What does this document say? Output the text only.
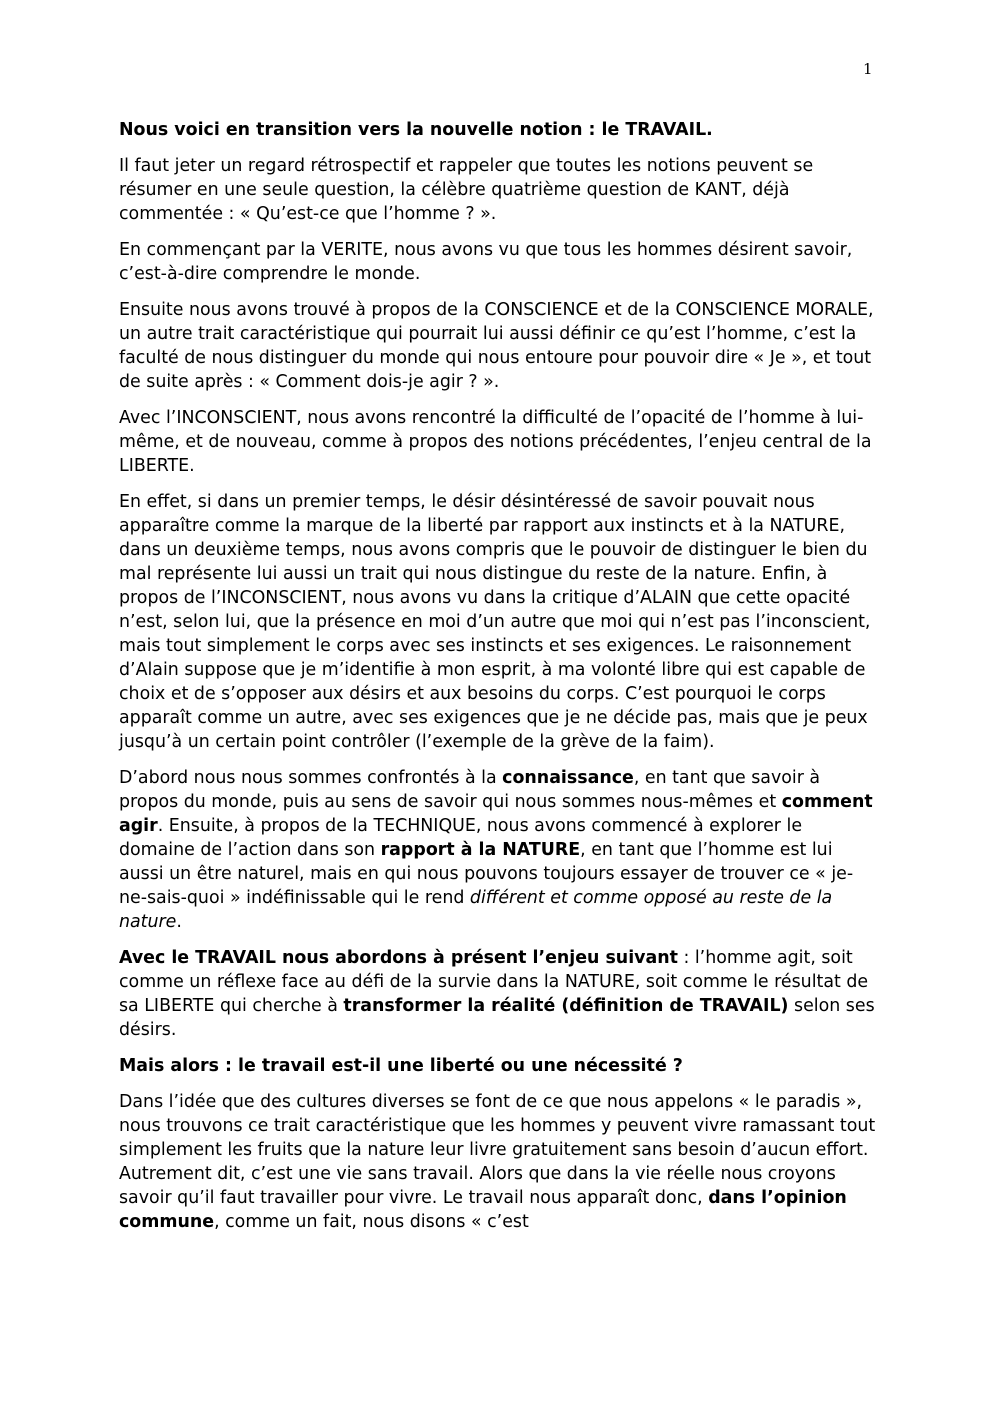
1

Nous voici en transition vers la nouvelle notion : le TRAVAIL.

Il faut jeter un regard rétrospectif et rappeler que toutes les notions peuvent se résumer en une seule question, la célèbre quatrième question de KANT, déjà commentée : « Qu’est-ce que l’homme ? ».

En commençant par la VERITE, nous avons vu que tous les hommes désirent savoir, c’est-à-dire comprendre le monde.

Ensuite nous avons trouvé à propos de la CONSCIENCE et de la CONSCIENCE MORALE, un autre trait caractéristique qui pourrait lui aussi définir ce qu’est l’homme, c’est la faculté de nous distinguer du monde qui nous entoure pour pouvoir dire « Je », et tout de suite après : « Comment dois-je agir ? ».

Avec l’INCONSCIENT, nous avons rencontré la difficulté de l’opacité de l’homme à lui-même, et de nouveau, comme à propos des notions précédentes, l’enjeu central de la LIBERTE.

En effet, si dans un premier temps, le désir désintéressé de savoir pouvait nous apparaître comme la marque de la liberté par rapport aux instincts et à la NATURE, dans un deuxième temps, nous avons compris que le pouvoir de distinguer le bien du mal représente lui aussi un trait qui nous distingue du reste de la nature. Enfin, à propos de l’INCONSCIENT, nous avons vu dans la critique d’ALAIN que cette opacité n’est, selon lui, que la présence en moi d’un autre que moi qui n’est pas l’inconscient, mais tout simplement le corps avec ses instincts et ses exigences. Le raisonnement d’Alain suppose que je m’identifie à mon esprit, à ma volonté libre qui est capable de choix et de s’opposer aux désirs et aux besoins du corps. C’est pourquoi le corps apparaît comme un autre, avec ses exigences que je ne décide pas, mais que je peux jusqu’à un certain point contrôler (l’exemple de la grève de la faim).

D’abord nous nous sommes confrontés à la connaissance, en tant que savoir à propos du monde, puis au sens de savoir qui nous sommes nous-mêmes et comment agir. Ensuite, à propos de la TECHNIQUE, nous avons commencé à explorer le domaine de l’action dans son rapport à la NATURE, en tant que l’homme est lui aussi un être naturel, mais en qui nous pouvons toujours essayer de trouver ce « je-ne-sais-quoi » indéfinissable qui le rend différent et comme opposé au reste de la nature.

Avec le TRAVAIL nous abordons à présent l’enjeu suivant : l’homme agit, soit comme un réflexe face au défi de la survie dans la NATURE, soit comme le résultat de sa LIBERTE qui cherche à transformer la réalité (définition de TRAVAIL) selon ses désirs.

Mais alors : le travail est-il une liberté ou une nécessité ?

Dans l’idée que des cultures diverses se font de ce que nous appelons « le paradis », nous trouvons ce trait caractéristique que les hommes y peuvent vivre ramassant tout simplement les fruits que la nature leur livre gratuitement sans besoin d’aucun effort. Autrement dit, c’est une vie sans travail. Alors que dans la vie réelle nous croyons savoir qu’il faut travailler pour vivre. Le travail nous apparaît donc, dans l’opinion commune, comme un fait, nous disons « c’est
